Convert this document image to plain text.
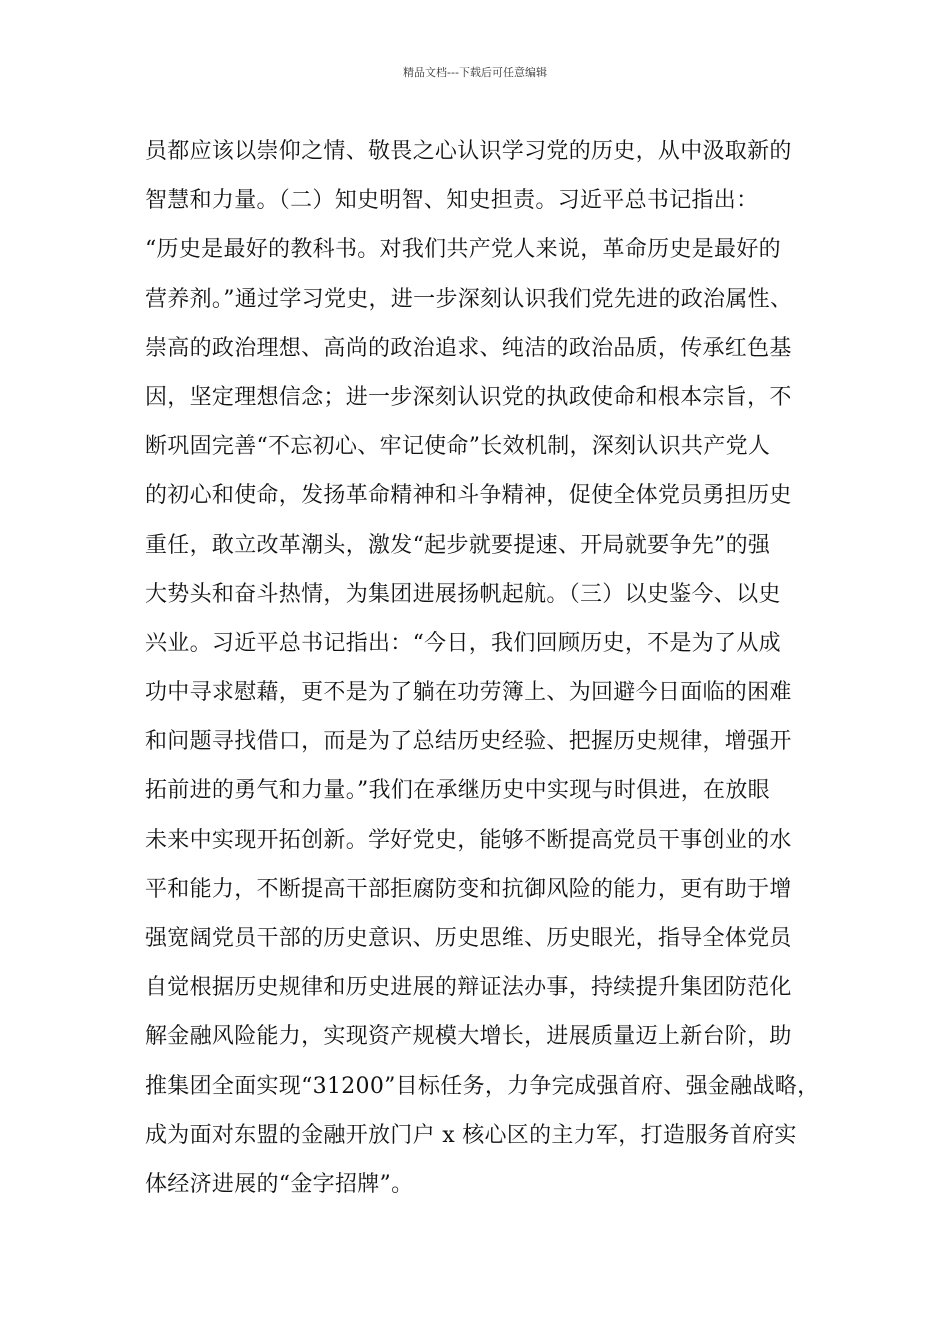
精品文档---下载后可任意编辑
员都应该以崇仰之情、敬畏之心认识学习党的历史，从中汲取新的
智慧和力量。（二）知史明智、知史担责。习近平总书记指出：
“历史是最好的教科书。对我们共产党人来说，革命历史是最好的
营养剂。”通过学习党史，进一步深刻认识我们党先进的政治属性、
崇高的政治理想、高尚的政治追求、纯洁的政治品质，传承红色基
因，坚定理想信念；进一步深刻认识党的执政使命和根本宗旨，不
断巩固完善“不忘初心、牢记使命”长效机制，深刻认识共产党人
的初心和使命，发扬革命精神和斗争精神，促使全体党员勇担历史
重任，敢立改革潮头，激发“起步就要提速、开局就要争先”的强
大势头和奋斗热情，为集团进展扬帆起航。（三）以史鉴今、以史
兴业。习近平总书记指出：“今日，我们回顾历史，不是为了从成
功中寻求慰藉，更不是为了躺在功劳簿上、为回避今日面临的困难
和问题寻找借口，而是为了总结历史经验、把握历史规律，增强开
拓前进的勇气和力量。”我们在承继历史中实现与时俱进，在放眼
未来中实现开拓创新。学好党史，能够不断提高党员干事创业的水
平和能力，不断提高干部拒腐防变和抗御风险的能力，更有助于增
强宽阔党员干部的历史意识、历史思维、历史眼光，指导全体党员
自觉根据历史规律和历史进展的辩证法办事，持续提升集团防范化
解金融风险能力，实现资产规模大增长，进展质量迈上新台阶，助
推集团全面实现“31200”目标任务，力争完成强首府、强金融战略，
成为面对东盟的金融开放门户 x 核心区的主力军，打造服务首府实
体经济进展的“金字招牌”。
